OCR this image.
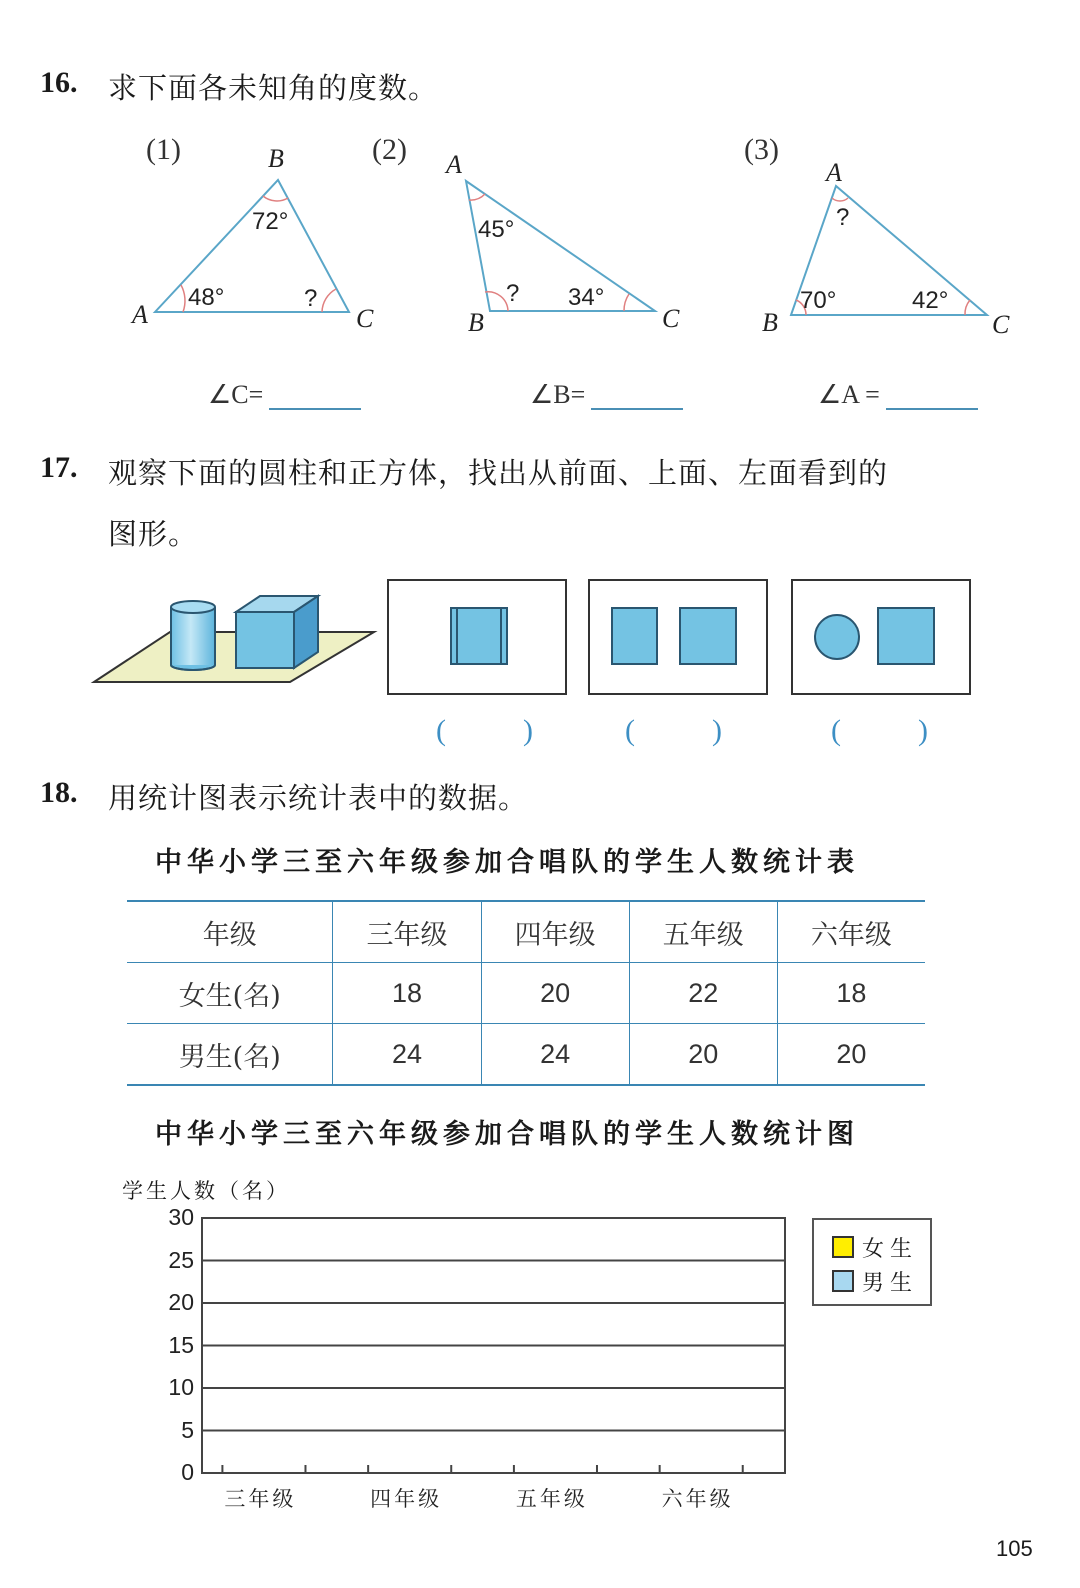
16. 求下面各未知角的度数。
(1)	(2)	(3)
B
A	C
72°
48°	?
A
B	C
45°
? 34°
A
B	C
?
70°	42°
∠C=	∠B=	∠A =
17. 观察下面的圆柱和正方体，找出从前面、上面、左面看到的
图形。
(	)	(	)	(	)
18. 用统计图表示统计表中的数据。
中华小学三至六年级参加合唱队的学生人数统计表
年级	三年级	四年级	五年级	六年级
女生(名)	18	20	22	18
男生(名)	24	24	20	20
中华小学三至六年级参加合唱队的学生人数统计图
学生人数（名）
0
5
10
15
20
25
30
三年级	四年级	五年级	六年级
女生
男生
105
